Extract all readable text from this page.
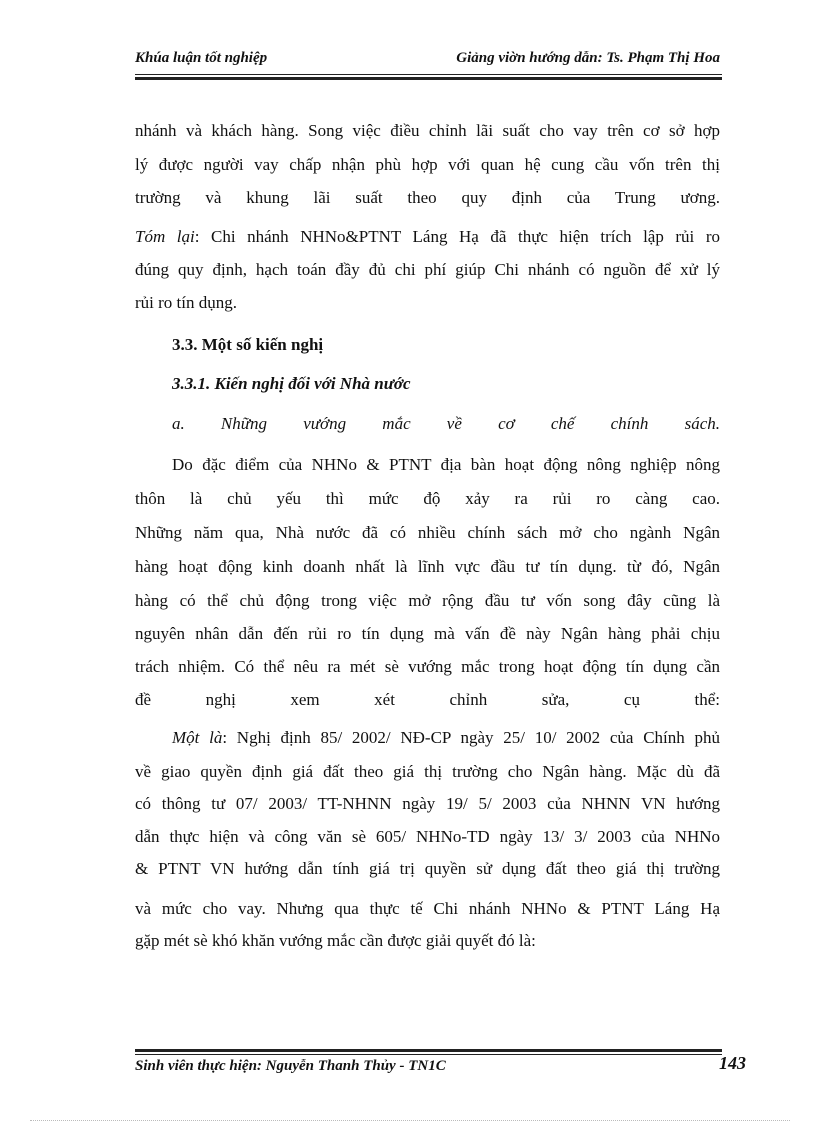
Khúa luận tốt nghiệp	Giảng viờn hướng dẫn: Ts. Phạm Thị Hoa
nhánh và khách hàng. Song việc điều chỉnh lãi suất cho vay trên cơ sở hợp
lý được người vay chấp nhận phù hợp với quan hệ cung cầu vốn trên thị
trường và khung lãi suất theo quy định của Trung ương.
Tóm lại: Chi nhánh NHNo&PTNT Láng Hạ đã thực hiện trích lập rủi ro
đúng quy định, hạch toán đầy đủ chi phí giúp Chi nhánh có nguồn để xử lý
rủi ro tín dụng.
3.3. Một số kiến nghị
3.3.1. Kiến nghị đối với Nhà nước
a. Những vướng mắc về cơ chế chính sách.
Do đặc điểm của NHNo & PTNT địa bàn hoạt động nông nghiệp nông
thôn là chủ yếu thì mức độ xảy ra rủi ro càng cao.
Những năm qua, Nhà nước đã có nhiều chính sách mở cho ngành Ngân
hàng hoạt động kinh doanh nhất là lĩnh vực đầu tư tín dụng. từ đó, Ngân
hàng có thể chủ động trong việc mở rộng đầu tư vốn song đây cũng là
nguyên nhân dẫn đến rủi ro tín dụng mà vấn đề này Ngân hàng phải chịu
trách nhiệm. Có thể nêu ra mét sè vướng mắc trong hoạt động tín dụng cần
đề nghị xem xét chỉnh sửa, cụ thể:
Một là: Nghị định 85/ 2002/ NĐ-CP ngày 25/ 10/ 2002 của Chính phủ
về giao quyền định giá đất theo giá thị trường cho Ngân hàng. Mặc dù đã
có thông tư 07/ 2003/ TT-NHNN ngày 19/ 5/ 2003 của NHNN VN hướng
dẫn thực hiện và công văn sè 605/ NHNo-TD ngày 13/ 3/ 2003 của NHNo
& PTNT VN hướng dẫn tính giá trị quyền sử dụng đất theo giá thị trường
và mức cho vay. Nhưng qua thực tế Chi nhánh NHNo & PTNT Láng Hạ
gặp mét sè khó khăn vướng mắc cần được giải quyết đó là:
Sinh viên thực hiện: Nguyễn Thanh Thủy - TN1C	143
